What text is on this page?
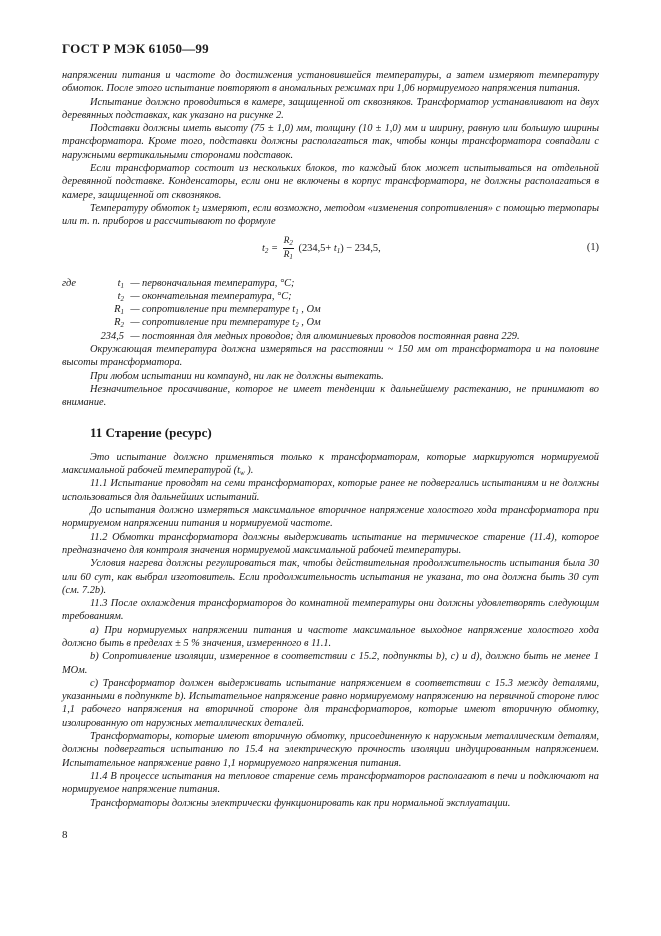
ГОСТ Р МЭК 61050—99

напряжении питания и частоте до достижения установившейся температуры, а затем измеряют температуру обмоток. После этого испытание повторяют в аномальных режимах при 1,06 нормируемого напряжения питания.

Испытание должно проводиться в камере, защищенной от сквозняков. Трансформатор устанавливают на двух деревянных подставках, как указано на рисунке 2.

Подставки должны иметь высоту (75 ± 1,0) мм, толщину (10 ± 1,0) мм и ширину, равную или большую ширины трансформатора. Кроме того, подставки должны располагаться так, чтобы концы трансформатора совпадали с наружными вертикальными сторонами подставок.

Если трансформатор состоит из нескольких блоков, то каждый блок может испытываться на отдельной деревянной подставке. Конденсаторы, если они не включены в корпус трансформатора, не должны располагаться в камере, защищенной от сквозняков.

Температуру обмоток $t_2$ измеряют, если возможно, методом «изменения сопротивления» с помощью термопары или т. п. приборов и рассчитывают по формуле

$t_2 = \frac{R_2}{R_1} (234,5+ t_1) - 234,5$,	(1)
где	$t_1$ — первоначальная температура, °C;
$t_2$ — окончательная температура, °C;
$R_1$ — сопротивление при температуре $t_1$ , Ом
$R_2$ — сопротивление при температуре $t_2$ , Ом
234,5 — постоянная для медных проводов; для алюминиевых проводов постоянная равна 229.

Окружающая температура должна измеряться на расстоянии ~ 150 мм от трансформатора и на половине высоты трансформатора.

При любом испытании ни компаунд, ни лак не должны вытекать.

Незначительное просачивание, которое не имеет тенденции к дальнейшему растеканию, не принимают во внимание.

11 Старение (ресурс)

Это испытание должно применяться только к трансформаторам, которые маркируются нормируемой максимальной рабочей температурой ($t_w$ ).

11.1 Испытание проводят на семи трансформаторах, которые ранее не подвергались испытаниям и не должны использоваться для дальнейших испытаний.

До испытания должно измеряться максимальное вторичное напряжение холостого хода трансформатора при нормируемом напряжении питания и нормируемой частоте.

11.2 Обмотки трансформатора должны выдерживать испытание на термическое старение (11.4), которое предназначено для контроля значения нормируемой максимальной рабочей температуры.

Условия нагрева должны регулироваться так, чтобы действительная продолжительность испытания была 30 или 60 сут, как выбрал изготовитель. Если продолжительность испытания не указана, то она должна быть 30 сут (см. 7.2b).

11.3 После охлаждения трансформаторов до комнатной температуры они должны удовлетворять следующим требованиям.

a) При нормируемых напряжении питания и частоте максимальное выходное напряжение холостого хода должно быть в пределах ± 5 % значения, измеренного в 11.1.

b) Сопротивление изоляции, измеренное в соответствии с 15.2, подпункты b), c) и d), должно быть не менее 1 МОм.

c) Трансформатор должен выдерживать испытание напряжением в соответствии с 15.3 между деталями, указанными в подпункте b). Испытательное напряжение равно нормируемому напряжению на первичной стороне плюс 1,1 рабочего напряжения на вторичной стороне для трансформаторов, которые имеют вторичную обмотку, изолированную от наружных металлических деталей.

Трансформаторы, которые имеют вторичную обмотку, присоединенную к наружным металлическим деталям, должны подвергаться испытанию по 15.4 на электрическую прочность изоляции индуцированным напряжением. Испытательное напряжение равно 1,1 нормируемого напряжения питания.

11.4 В процессе испытания на тепловое старение семь трансформаторов располагают в печи и подключают на нормируемое напряжение питания.

Трансформаторы должны электрически функционировать как при нормальной эксплуатации.

8
